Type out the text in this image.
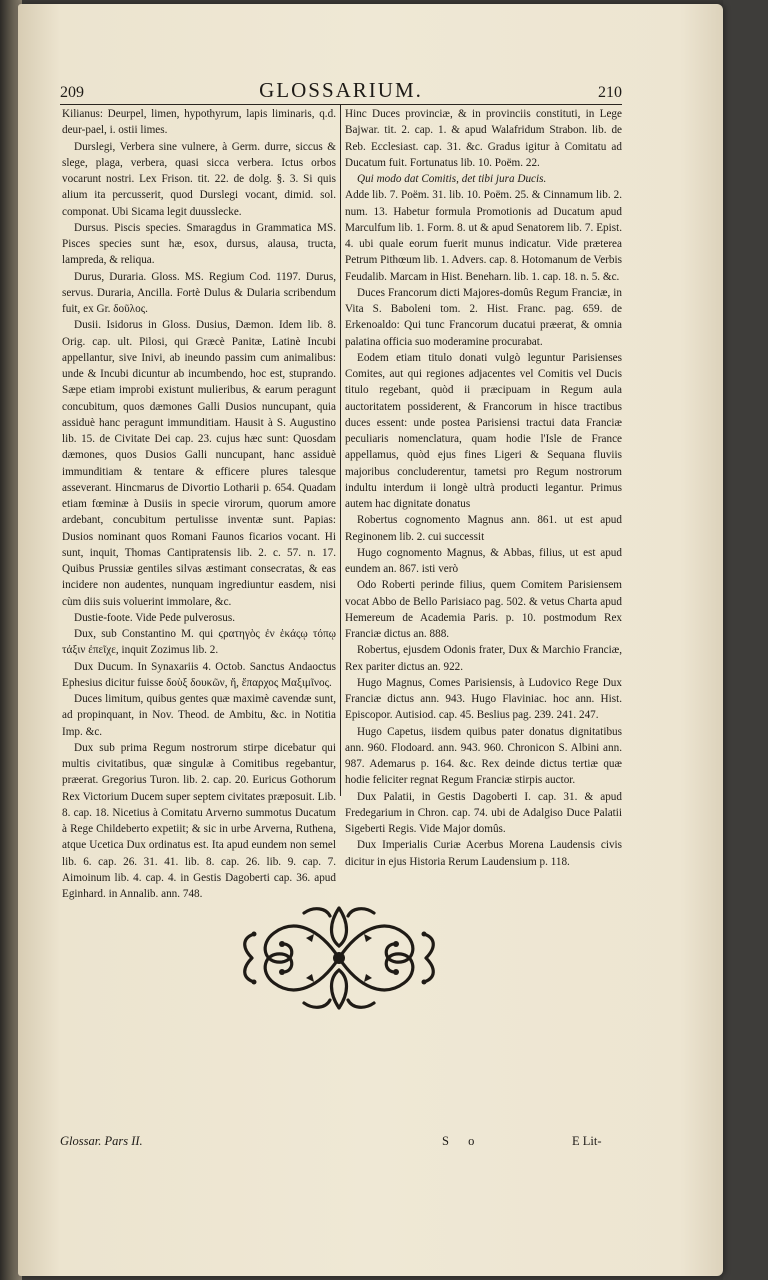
209	GLOSSARIUM.	210

Kilianus: Deurpel, limen, hypothyrum, lapis liminaris, q.d. deur-pael, i. ostii limes.

Durslegi, Verbera sine vulnere, à Germ. durre, siccus & slege, plaga, verbera, quasi sicca verbera. Ictus orbos vocarunt nostri. Lex Frison. tit. 22. de dolg. §. 3. Si quis alium ita percusserit, quod Durslegi vocant, dimid. sol. componat. Ubi Sicama legit duusslecke.

Dursus. Piscis species. Smaragdus in Grammatica MS. Pisces species sunt hæ, esox, dursus, alausa, tructa, lampreda, & reliqua.

Durus, Duraria. Gloss. MS. Regium Cod. 1197. Durus, servus. Duraria, Ancilla. Fortè Dulus & Dularia scribendum fuit, ex Gr. δοῦλος.

Dusii. Isidorus in Gloss. Dusius, Dæmon. Idem lib. 8. Orig. cap. ult. Pilosi, qui Græcè Panitæ, Latinè Incubi appellantur, sive Inivi, ab ineundo passim cum animalibus: unde & Incubi dicuntur ab incumbendo, hoc est, stuprando. Sæpe etiam improbi existunt mulieribus, & earum peragunt concubitum, quos dæmones Galli Dusios nuncupant, quia assiduè hanc peragunt immunditiam. Hausit à S. Augustino lib. 15. de Civitate Dei cap. 23. cujus hæc sunt: Quosdam dæmones, quos Dusios Galli nuncupant, hanc assiduè immunditiam & tentare & efficere plures talesque asseverant. Hincmarus de Divortio Lotharii p. 654. Quadam etiam fœminæ à Dusiis in specie virorum, quorum amore ardebant, concubitum pertulisse inventæ sunt. Papias: Dusios nominant quos Romani Faunos ficarios vocant. Hi sunt, inquit, Thomas Cantipratensis lib. 2. c. 57. n. 17. Quibus Prussiæ gentiles silvas æstimant consecratas, & eas incidere non audentes, nunquam ingrediuntur easdem, nisi cùm diis suis voluerint immolare, &c.

Dustie-foote. Vide Pede pulverosus.

Dux, sub Constantino M. qui ϛρατηγὸς ἐν ἑκάςῳ τόπῳ τάξιν ἐπεῖχε, inquit Zozimus lib. 2.

Dux Ducum. In Synaxariis 4. Octob. Sanctus Andaoctus Ephesius dicitur fuisse δοὺξ δουκῶν, ἤ, ἔπαρχος Μαξιμῖνος.

Duces limitum, quibus gentes quæ maximè cavendæ sunt, ad propinquant, in Nov. Theod. de Ambitu, &c. in Notitia Imp. &c.

Dux sub prima Regum nostrorum stirpe dicebatur qui multis civitatibus, quæ singulæ à Comitibus regebantur, præerat. Gregorius Turon. lib. 2. cap. 20. Euricus Gothorum Rex Victorium Ducem super septem civitates præposuit. Lib. 8. cap. 18. Nicetius à Comitatu Arverno summotus Ducatum à Rege Childeberto expetiit; & sic in urbe Arverna, Ruthena, atque Ucetica Dux ordinatus est. Ita apud eundem non semel lib. 6. cap. 26. 31. 41. lib. 8. cap. 26. lib. 9. cap. 7. Aimoinum lib. 4. cap. 4. in Gestis Dagoberti cap. 36. apud Eginhard. in Annalib. ann. 748.

Hinc Duces provinciæ, & in provinciis constituti, in Lege Bajwar. tit. 2. cap. 1. & apud Walafridum Strabon. lib. de Reb. Ecclesiast. cap. 31. &c. Gradus igitur à Comitatu ad Ducatum fuit. Fortunatus lib. 10. Poëm. 22.

Qui modo dat Comitis, det tibi jura Ducis.

Adde lib. 7. Poëm. 31. lib. 10. Poëm. 25. & Cinnamum lib. 2. num. 13. Habetur formula Promotionis ad Ducatum apud Marculfum lib. 1. Form. 8. ut & apud Senatorem lib. 7. Epist. 4. ubi quale eorum fuerit munus indicatur. Vide præterea Petrum Pithœum lib. 1. Advers. cap. 8. Hotomanum de Verbis Feudalib. Marcam in Hist. Beneharn. lib. 1. cap. 18. n. 5. &c.

Duces Francorum dicti Majores-domûs Regum Franciæ, in Vita S. Baboleni tom. 2. Hist. Franc. pag. 659. de Erkenoaldo: Qui tunc Francorum ducatui præerat, & omnia palatina officia suo moderamine procurabat.

Eodem etiam titulo donati vulgò leguntur Parisienses Comites, aut qui regiones adjacentes vel Comitis vel Ducis titulo regebant, quòd ii præcipuam in Regum aula auctoritatem possiderent, & Francorum in hisce tractibus duces essent: unde postea Parisiensi tractui data Franciæ peculiaris nomenclatura, quam hodie l'Isle de France appellamus, quòd ejus fines Ligeri & Sequana fluviis majoribus concluderentur, tametsi pro Regum nostrorum indultu interdum ii longè ultrà producti legantur. Primus autem hac dignitate donatus

Robertus cognomento Magnus ann. 861. ut est apud Reginonem lib. 2. cui successit

Hugo cognomento Magnus, & Abbas, filius, ut est apud eundem an. 867. isti verò

Odo Roberti perinde filius, quem Comitem Parisiensem vocat Abbo de Bello Parisiaco pag. 502. & vetus Charta apud Hemereum de Academia Paris. p. 10. postmodum Rex Franciæ dictus an. 888.

Robertus, ejusdem Odonis frater, Dux & Marchio Franciæ, Rex pariter dictus an. 922.

Hugo Magnus, Comes Parisiensis, à Ludovico Rege Dux Franciæ dictus ann. 943. Hugo Flaviniac. hoc ann. Hist. Episcopor. Autisiod. cap. 45. Beslius pag. 239. 241. 247.

Hugo Capetus, iisdem quibus pater donatus dignitatibus ann. 960. Flodoard. ann. 943. 960. Chronicon S. Albini ann. 987. Ademarus p. 164. &c. Rex deinde dictus tertiæ quæ hodie feliciter regnat Regum Franciæ stirpis auctor.

Dux Palatii, in Gestis Dagoberti I. cap. 31. & apud Fredegarium in Chron. cap. 74. ubi de Adalgiso Duce Palatii Sigeberti Regis. Vide Major domûs.

Dux Imperialis Curiæ Acerbus Morena Laudensis civis dicitur in ejus Historia Rerum Laudensium p. 118.

Glossar. Pars II.	S o	E Lit-
